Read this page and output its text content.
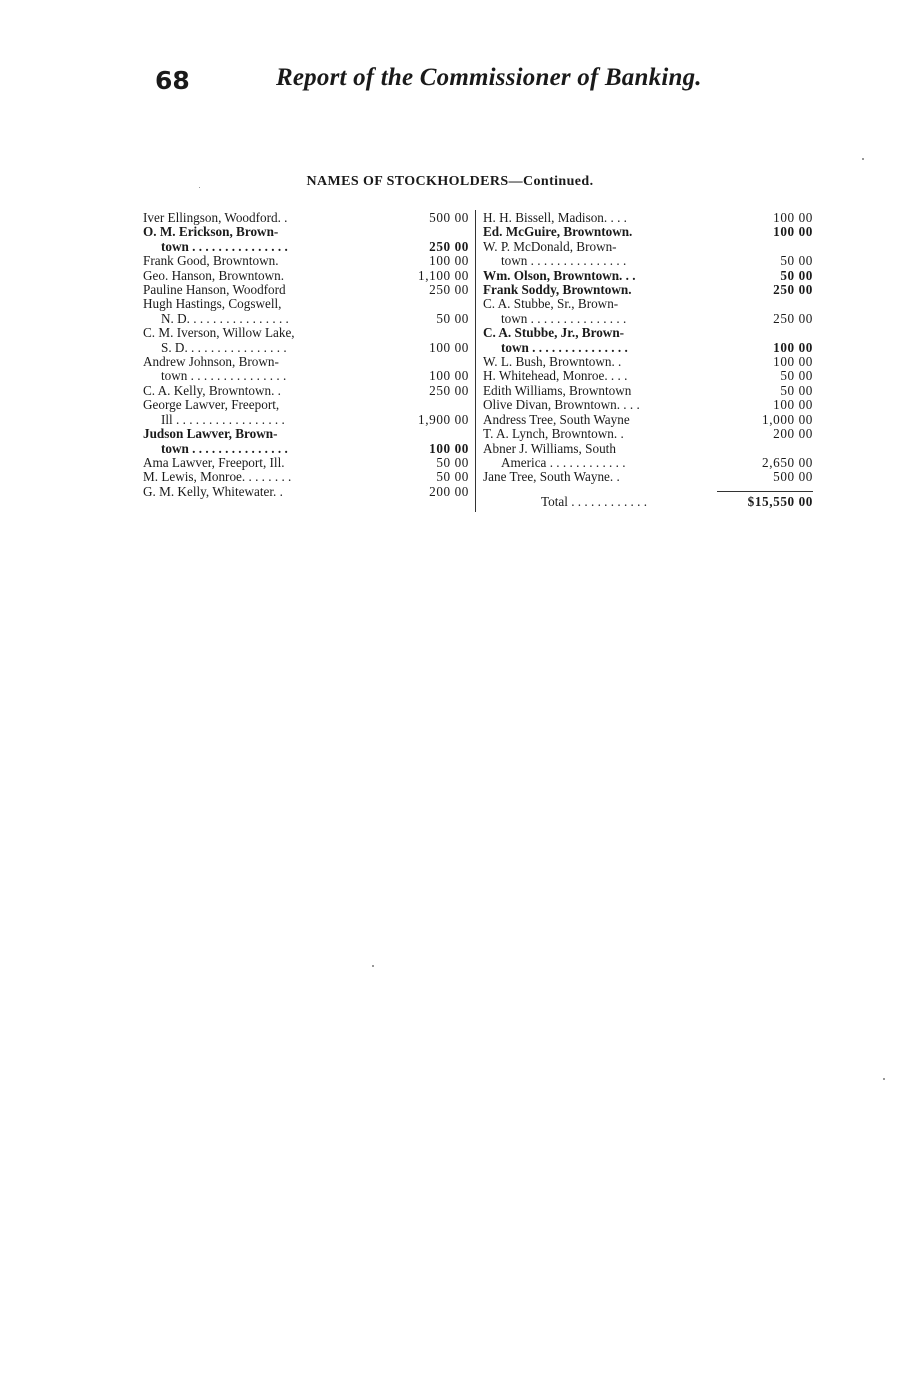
68	Report of the Commissioner of Banking.
NAMES OF STOCKHOLDERS—Continued.
Iver Ellingson, Woodford. .	500 00
O. M. Erickson, Brown-
town . . . . . . . . . . . . . . .	250 00
Frank Good, Browntown.	100 00
Geo. Hanson, Browntown.	1,100 00
Pauline Hanson, Woodford	250 00
Hugh Hastings, Cogswell,
N. D. . . . . . . . . . . . . . . .	50 00
C. M. Iverson, Willow Lake,
S. D. . . . . . . . . . . . . . . .	100 00
Andrew Johnson, Brown-
town . . . . . . . . . . . . . . .	100 00
C. A. Kelly, Browntown. .	250 00
George Lawver, Freeport,
Ill . . . . . . . . . . . . . . . . .	1,900 00
Judson Lawver, Brown-
town . . . . . . . . . . . . . . .	100 00
Ama Lawver, Freeport, Ill.	50 00
M. Lewis, Monroe. . . . . . . .	50 00
G. M. Kelly, Whitewater. .	200 00
H. H. Bissell, Madison. . . .	100 00
Ed. McGuire, Browntown.	100 00
W. P. McDonald, Brown-
town . . . . . . . . . . . . . . .	50 00
Wm. Olson, Browntown. . .	50 00
Frank Soddy, Browntown.	250 00
C. A. Stubbe, Sr., Brown-
town . . . . . . . . . . . . . . .	250 00
C. A. Stubbe, Jr., Brown-
town . . . . . . . . . . . . . . .	100 00
W. L. Bush, Browntown. .	100 00
H. Whitehead, Monroe. . . .	50 00
Edith Williams, Browntown	50 00
Olive Divan, Browntown. . . .	100 00
Andress Tree, South Wayne	1,000 00
T. A. Lynch, Browntown. .	200 00
Abner J. Williams, South
America . . . . . . . . . . . .	2,650 00
Jane Tree, South Wayne. .	500 00
Total . . . . . . . . . . . .	$15,550 00
